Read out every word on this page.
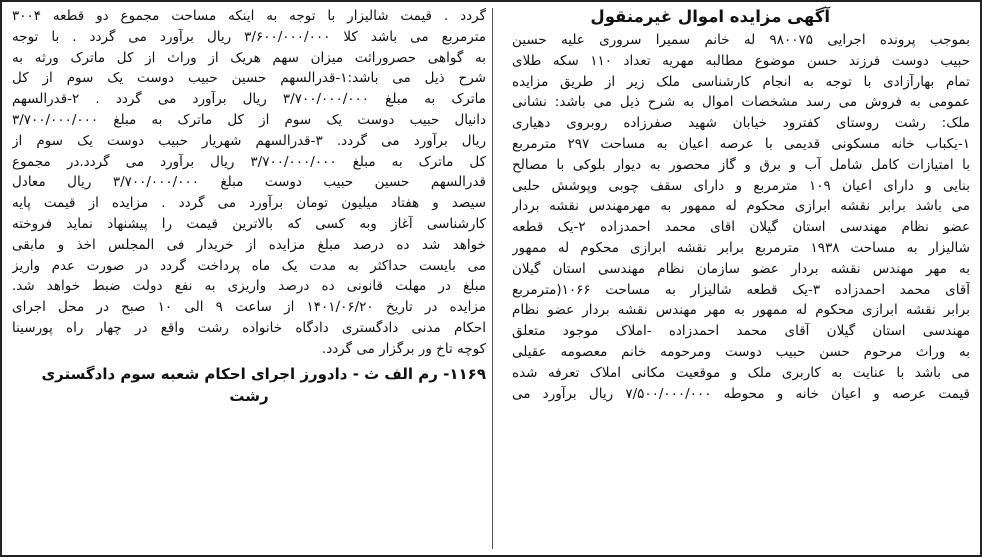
آگهی مزایده اموال غیرمنقول
بموجب پرونده اجرایی ۹۸۰۰۷۵ له خانم سمیرا سروری علیه حسین
حبیب دوست فرزند حسن موضوع مطالبه مهریه تعداد ۱۱۰ سکه طلای
تمام بهارآزادی با توجه به انجام کارشناسی ملک زیر از طریق مزایده
عمومی به فروش می رسد مشخصات اموال به شرح ذیل می باشد: نشانی
ملک: رشت روستای کفترود خیابان شهید صفرزاده روبروی دهیاری
۱-یکباب خانه مسکونی قدیمی با عرصه اعیان به مساحت ۲۹۷ مترمربع
با امتیازات کامل شامل آب و برق و گاز محصور به دیوار بلوکی با مصالح
بنایی و دارای اعیان ۱۰۹ مترمربع و دارای سقف چوبی وپوشش حلبی
می باشد برابر نقشه ابرازی محکوم له ممهور به مهرمهندس نقشه بردار
عضو نظام مهندسی استان گیلان اقای محمد احمدزاده ۲-یک قطعه
شالیزار به مساحت ۱۹۳۸ مترمربع برابر نقشه ابرازی محکوم له ممهور
به مهر مهندس نقشه بردار عضو سازمان نظام مهندسی استان گیلان
آقای محمد احمدزاده ۳-یک قطعه شالیزار به مساحت ۱۰۶۶(مترمربع
برابر نقشه ابرازی محکوم له ممهور به مهر مهندس نقشه بردار عضو نظام
مهندسی استان گیلان آقای محمد احمدزاده -املاک موجود متعلق
به وراث مرحوم حسن حبیب دوست ومرحومه خانم معصومه عقیلی
می باشد با عنایت به کاربری ملک و موقعیت مکانی املاک تعرفه شده
قیمت عرصه و اعیان خانه و محوطه ۷/۵۰۰/۰۰۰/۰۰۰ ریال برآورد می
گردد . قیمت شالیزار با توجه به اینکه مساحت مجموع دو قطعه ۳۰۰۴
مترمربع می باشد کلا ۳/۶۰۰/۰۰۰/۰۰۰ ریال برآورد می گردد . با توجه
به گواهی حصروراثت میزان سهم هریک از وراث از کل ماترک ورثه به
شرح ذیل می باشد:۱-قدرالسهم حسین حبیب دوست یک سوم از کل
ماترک به مبلغ ۳/۷۰۰/۰۰۰/۰۰۰ ریال برآورد می گردد . ۲-قدرالسهم
دانیال حبیب دوست یک سوم از کل ماترک به مبلغ ۳/۷۰۰/۰۰۰/۰۰۰
ریال برآورد می گردد. ۳-قدرالسهم شهریار حبیب دوست یک سوم از
کل ماترک به مبلغ ۳/۷۰۰/۰۰۰/۰۰۰ ریال برآورد می گردد.در مجموع
قدرالسهم حسین حبیب دوست مبلغ ۳/۷۰۰/۰۰۰/۰۰۰ ریال معادل
سیصد و هفتاد میلیون تومان برآورد می گردد . مزایده از قیمت پایه
کارشناسی آغاز وبه کسی که بالاترین قیمت را پیشنهاد نماید فروخته
خواهد شد ده درصد مبلغ مزایده از خریدار فی المجلس اخذ و مابقی
می بایست حداکثر به مدت یک ماه پرداخت گردد در صورت عدم واریز
مبلغ در مهلت قانونی ده درصد واریزی به نفع دولت ضبط خواهد شد.
مزایده در تاریخ ۱۴۰۱/۰۶/۲۰ از ساعت ۹ الی ۱۰ صبح در محل اجرای
احکام مدنی دادگستری دادگاه خانواده رشت واقع در چهار راه پورسینا
کوچه تاخ ور برگزار می گردد.
۱۱۶۹- رم الف ث - دادورز اجرای احکام شعبه سوم دادگستری
رشت
